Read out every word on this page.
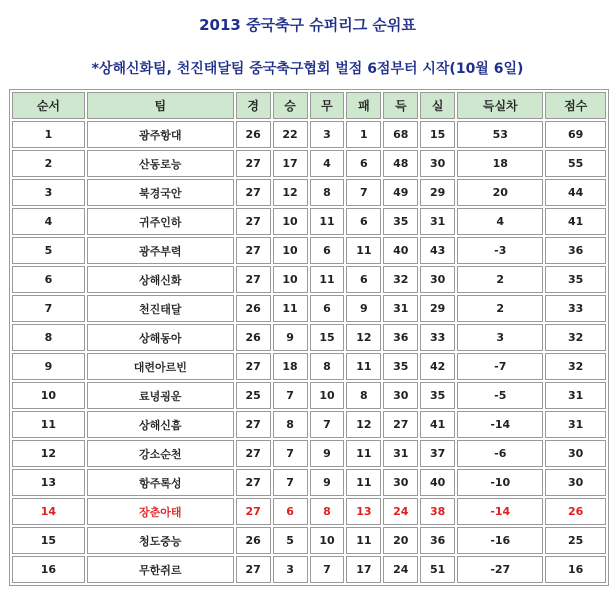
2013 중국축구 슈퍼리그 순위표
*상해신화팀, 천진태달팀 중국축구협회 벌점 6점부터 시작(10월 6일)
순서	팀	경	승	무	패	득	실	득실차	점수
1	광주항대	26	22	3	1	68	15	53	69
2	산동로능	27	17	4	6	48	30	18	55
3	북경국안	27	12	8	7	49	29	20	44
4	귀주인하	27	10	11	6	35	31	4	41
5	광주부력	27	10	6	11	40	43	-3	36
6	상해신화	27	10	11	6	32	30	2	35
7	천진태달	26	11	6	9	31	29	2	33
8	상해동아	26	9	15	12	36	33	3	32
9	대련아르빈	27	18	8	11	35	42	-7	32
10	료녕굉운	25	7	10	8	30	35	-5	31
11	상해신흠	27	8	7	12	27	41	-14	31
12	강소순천	27	7	9	11	31	37	-6	30
13	항주록성	27	7	9	11	30	40	-10	30
14	장춘아태	27	6	8	13	24	38	-14	26
15	청도중능	26	5	10	11	20	36	-16	25
16	무한쥐르	27	3	7	17	24	51	-27	16
